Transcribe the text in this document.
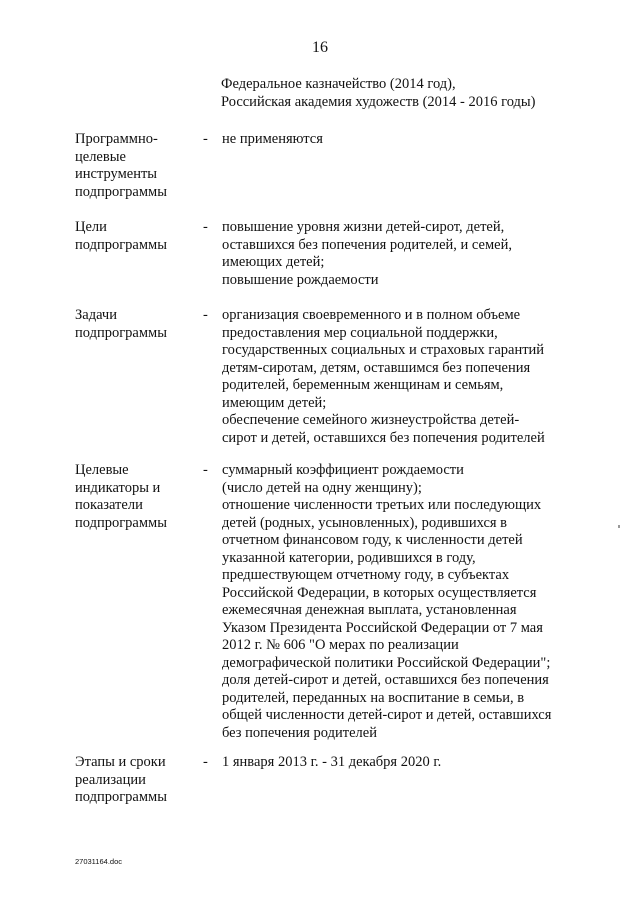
16
Федеральное казначейство (2014 год),
Российская академия художеств (2014 - 2016 годы)
Программно-
целевые
инструменты
подпрограммы
- не применяются
Цели
подпрограммы
- повышение уровня жизни детей-сирот, детей,
оставшихся без попечения родителей, и семей,
имеющих детей;
повышение рождаемости
Задачи
подпрограммы
- организация своевременного и в полном объеме
предоставления мер социальной поддержки,
государственных социальных и страховых гарантий
детям-сиротам, детям, оставшимся без попечения
родителей, беременным женщинам и семьям,
имеющим детей;
обеспечение семейного жизнеустройства детей-
сирот и детей, оставшихся без попечения родителей
Целевые
индикаторы и
показатели
подпрограммы
- суммарный коэффициент рождаемости
(число детей на одну женщину);
отношение численности третьих или последующих
детей (родных, усыновленных), родившихся в
отчетном финансовом году, к численности детей
указанной категории, родившихся в году,
предшествующем отчетному году, в субъектах
Российской Федерации, в которых осуществляется
ежемесячная денежная выплата, установленная
Указом Президента Российской Федерации от 7 мая
2012 г. № 606 "О мерах по реализации
демографической политики Российской Федерации";
доля детей-сирот и детей, оставшихся без попечения
родителей, переданных на воспитание в семьи, в
общей численности детей-сирот и детей, оставшихся
без попечения родителей
Этапы и сроки
реализации
подпрограммы
- 1 января 2013 г. - 31 декабря 2020 г.
27031164.doc
